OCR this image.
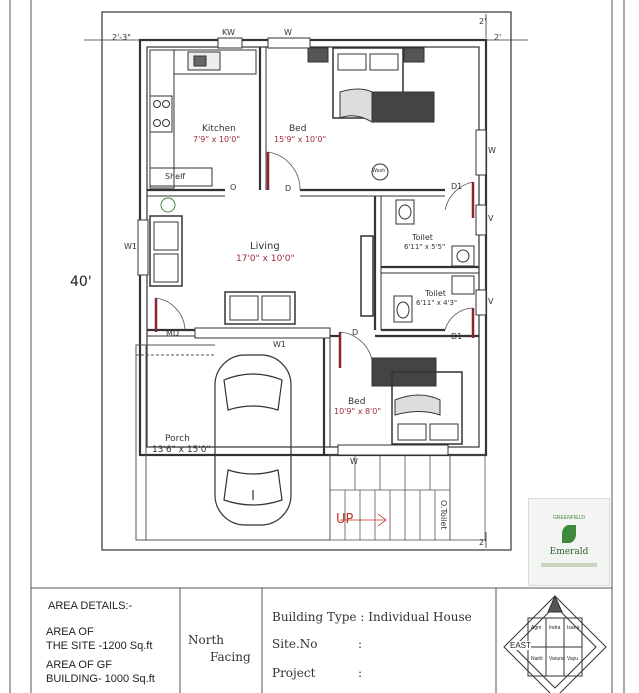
Kitchen
7'9" x 10'0"
Bed
15'9" x 10'0"
Living
17'0" x 10'0"
Toilet
6'11" x 5'5"
Toilet
6'11" x 4'3"
Bed
10'9" x 8'0"
Porch
13'6" x 15'0"
Shelf
Wash
UP	O.Toilet
KW	W
W
V
V
D1
D1
W1
W1
W
D
D
O
MD
2'-3"	2'
2'
2'
40'
GREENFIELD
Emerald
AREA DETAILS:-
AREA OF
THE SITE -1200 Sq.ft
AREA OF GF
BUILDING- 1000 Sq.ft
North
Facing
Building Type : Individual House
Site.No	:
Project	:
EAST
Agni Indra Isana
Nairti Varuna Vayu
